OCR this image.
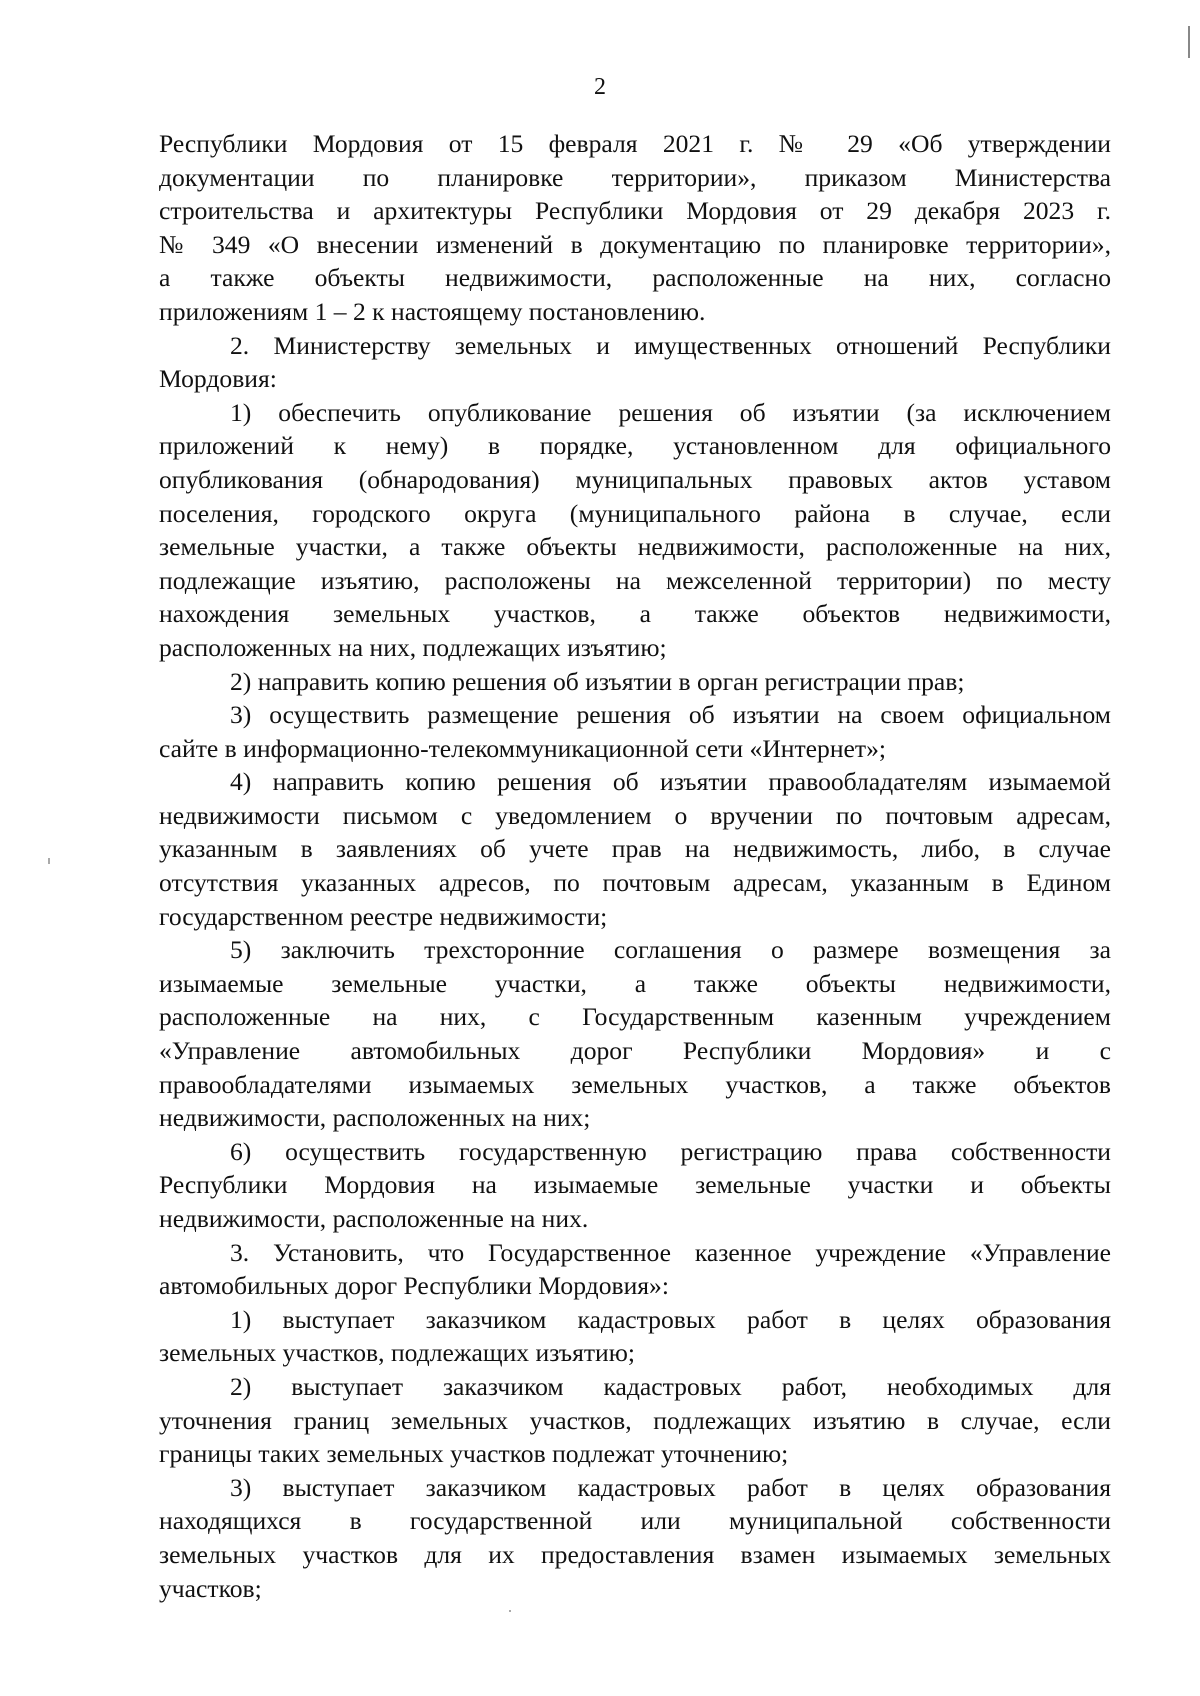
2
Республики Мордовия от 15 февраля 2021 г. № 29 «Об утверждении
документации по планировке территории», приказом Министерства
строительства и архитектуры Республики Мордовия от 29 декабря 2023 г.
№ 349 «О внесении изменений в документацию по планировке территории»,
а также объекты недвижимости, расположенные на них, согласно
приложениям 1 – 2 к настоящему постановлению.
2. Министерству земельных и имущественных отношений Республики
Мордовия:
1) обеспечить опубликование решения об изъятии (за исключением
приложений к нему) в порядке, установленном для официального
опубликования (обнародования) муниципальных правовых актов уставом
поселения, городского округа (муниципального района в случае, если
земельные участки, а также объекты недвижимости, расположенные на них,
подлежащие изъятию, расположены на межселенной территории) по месту
нахождения земельных участков, а также объектов недвижимости,
расположенных на них, подлежащих изъятию;
2) направить копию решения об изъятии в орган регистрации прав;
3) осуществить размещение решения об изъятии на своем официальном
сайте в информационно-телекоммуникационной сети «Интернет»;
4) направить копию решения об изъятии правообладателям изымаемой
недвижимости письмом с уведомлением о вручении по почтовым адресам,
указанным в заявлениях об учете прав на недвижимость, либо, в случае
отсутствия указанных адресов, по почтовым адресам, указанным в Едином
государственном реестре недвижимости;
5) заключить трехсторонние соглашения о размере возмещения за
изымаемые земельные участки, а также объекты недвижимости,
расположенные на них, с Государственным казенным учреждением
«Управление автомобильных дорог Республики Мордовия» и с
правообладателями изымаемых земельных участков, а также объектов
недвижимости, расположенных на них;
6) осуществить государственную регистрацию права собственности
Республики Мордовия на изымаемые земельные участки и объекты
недвижимости, расположенные на них.
3. Установить, что Государственное казенное учреждение «Управление
автомобильных дорог Республики Мордовия»:
1) выступает заказчиком кадастровых работ в целях образования
земельных участков, подлежащих изъятию;
2) выступает заказчиком кадастровых работ, необходимых для
уточнения границ земельных участков, подлежащих изъятию в случае, если
границы таких земельных участков подлежат уточнению;
3) выступает заказчиком кадастровых работ в целях образования
находящихся в государственной или муниципальной собственности
земельных участков для их предоставления взамен изымаемых земельных
участков;
